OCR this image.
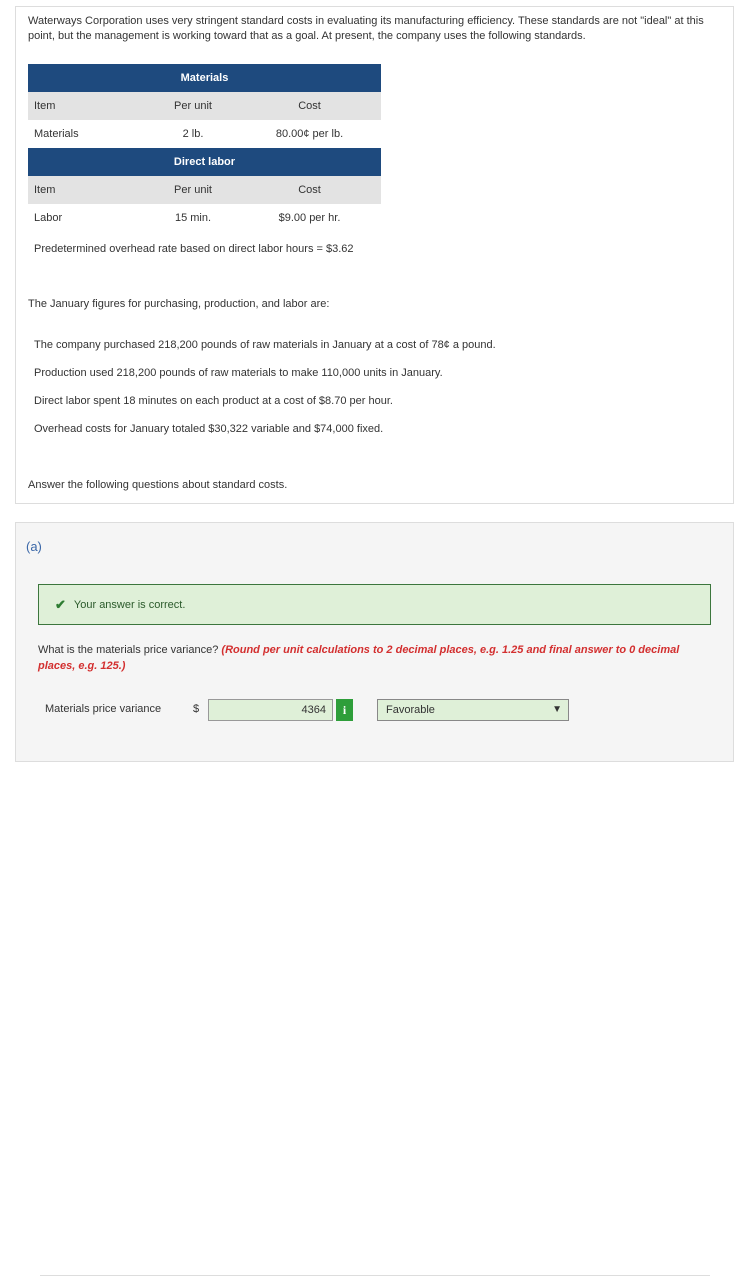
Waterways Corporation uses very stringent standard costs in evaluating its manufacturing efficiency. These standards are not "ideal" at this point, but the management is working toward that as a goal. At present, the company uses the following standards.
Materials		
Item	Per unit	Cost
Materials	2 lb.	80.00¢ per lb.
Direct labor		
Item	Per unit	Cost
Labor	15 min.	$9.00 per hr.
Predetermined overhead rate based on direct labor hours = $3.62
The January figures for purchasing, production, and labor are:
The company purchased 218,200 pounds of raw materials in January at a cost of 78¢ a pound.
Production used 218,200 pounds of raw materials to make 110,000 units in January.
Direct labor spent 18 minutes on each product at a cost of $8.70 per hour.
Overhead costs for January totaled $30,322 variable and $74,000 fixed.
Answer the following questions about standard costs.
(a)
✔ Your answer is correct.
What is the materials price variance? (Round per unit calculations to 2 decimal places, e.g. 1.25 and final answer to 0 decimal places, e.g. 125.)
Materials price variance	$	4364	i	Favorable	▼
